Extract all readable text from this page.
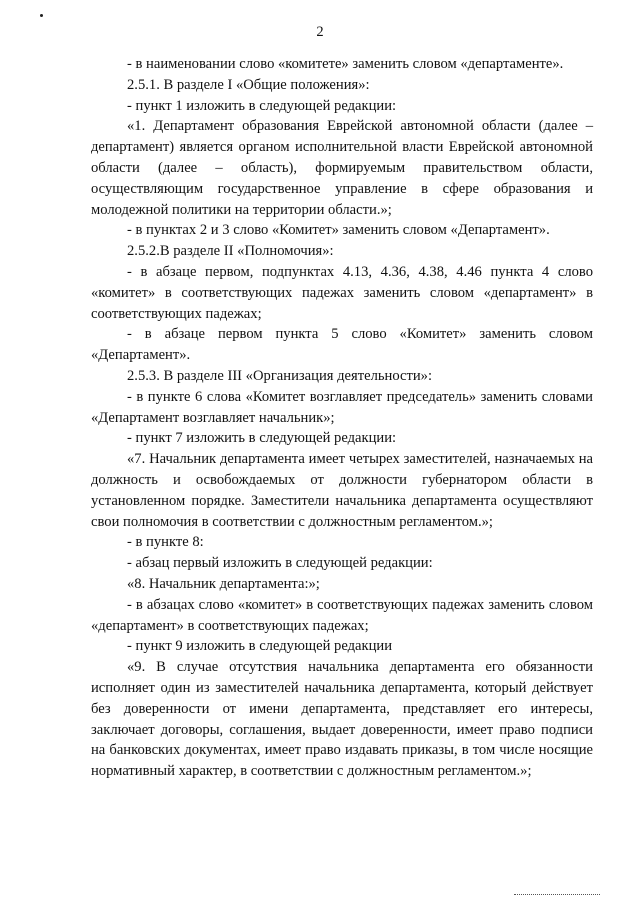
2

- в наименовании слово «комитете» заменить словом «департаменте».

2.5.1. В разделе I «Общие положения»:

- пункт 1 изложить в следующей редакции:

«1. Департамент образования Еврейской автономной области (далее – департамент) является органом исполнительной власти Еврейской автономной области (далее – область), формируемым правительством области, осуществляющим государственное управление в сфере образования и молодежной политики на территории области.»;

- в пунктах 2 и 3 слово «Комитет» заменить словом «Департамент».

2.5.2.В разделе II «Полномочия»:

- в абзаце первом, подпунктах 4.13, 4.36, 4.38, 4.46 пункта 4 слово «комитет» в соответствующих падежах заменить словом «департамент» в соответствующих падежах;

- в абзаце первом пункта 5 слово «Комитет» заменить словом «Департамент».

2.5.3. В разделе III «Организация деятельности»:

- в пункте 6 слова «Комитет возглавляет председатель» заменить словами «Департамент возглавляет начальник»;

- пункт 7 изложить в следующей редакции:

«7. Начальник департамента имеет четырех заместителей, назначаемых на должность и освобождаемых от должности губернатором области в установленном порядке. Заместители начальника департамента осуществляют свои полномочия в соответствии с должностным регламентом.»;

- в пункте 8:

- абзац первый изложить в следующей редакции:

«8. Начальник департамента:»;

- в абзацах слово «комитет» в соответствующих падежах заменить словом «департамент» в соответствующих падежах;

- пункт 9 изложить в следующей редакции

«9. В случае отсутствия начальника департамента его обязанности исполняет один из заместителей начальника департамента, который действует без доверенности от имени департамента, представляет его интересы, заключает договоры, соглашения, выдает доверенности, имеет право подписи на банковских документах, имеет право издавать приказы, в том числе носящие нормативный характер, в соответствии с должностным регламентом.»;
